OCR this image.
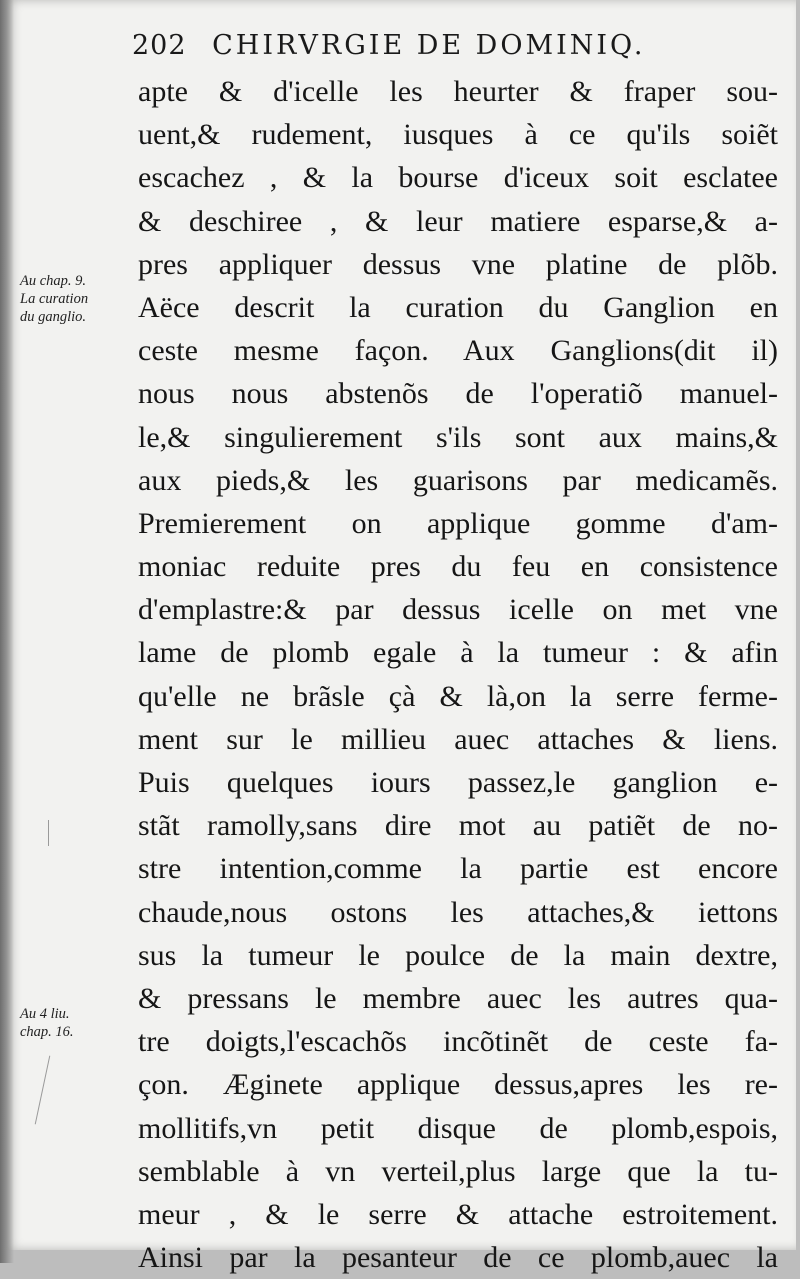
202 CHIRVRGIE DE DOMINIQ.
Au chap. 9.
La curation
du ganglio.
Au 4 liu.
chap. 16.
apte & d'icelle les heurter & fraper sou-
uent,& rudement, iusques à ce qu'ils soiẽt
escachez , & la bourse d'iceux soit esclatee
& deschiree , & leur matiere esparse,& a-
pres appliquer dessus vne platine de plõb.
Aëce descrit la curation du Ganglion en
ceste mesme façon. Aux Ganglions(dit il)
nous nous abstenõs de l'operatiõ manuel-
le,& singulierement s'ils sont aux mains,&
aux pieds,& les guarisons par medicamẽs.
Premierement on applique gomme d'am-
moniac reduite pres du feu en consistence
d'emplastre:& par dessus icelle on met vne
lame de plomb egale à la tumeur : & afin
qu'elle ne brãsle çà & là,on la serre ferme-
ment sur le millieu auec attaches & liens.
Puis quelques iours passez,le ganglion e-
stãt ramolly,sans dire mot au patiẽt de no-
stre intention,comme la partie est encore
chaude,nous ostons les attaches,& iettons
sus la tumeur le poulce de la main dextre,
& pressans le membre auec les autres qua-
tre doigts,l'escachõs incõtinẽt de ceste fa-
çon. Æginete applique dessus,apres les re-
mollitifs,vn petit disque de plomb,espois,
semblable à vn verteil,plus large que la tu-
meur , & le serre & attache estroitement.
Ainsi par la pesanteur de ce plomb,auec la
